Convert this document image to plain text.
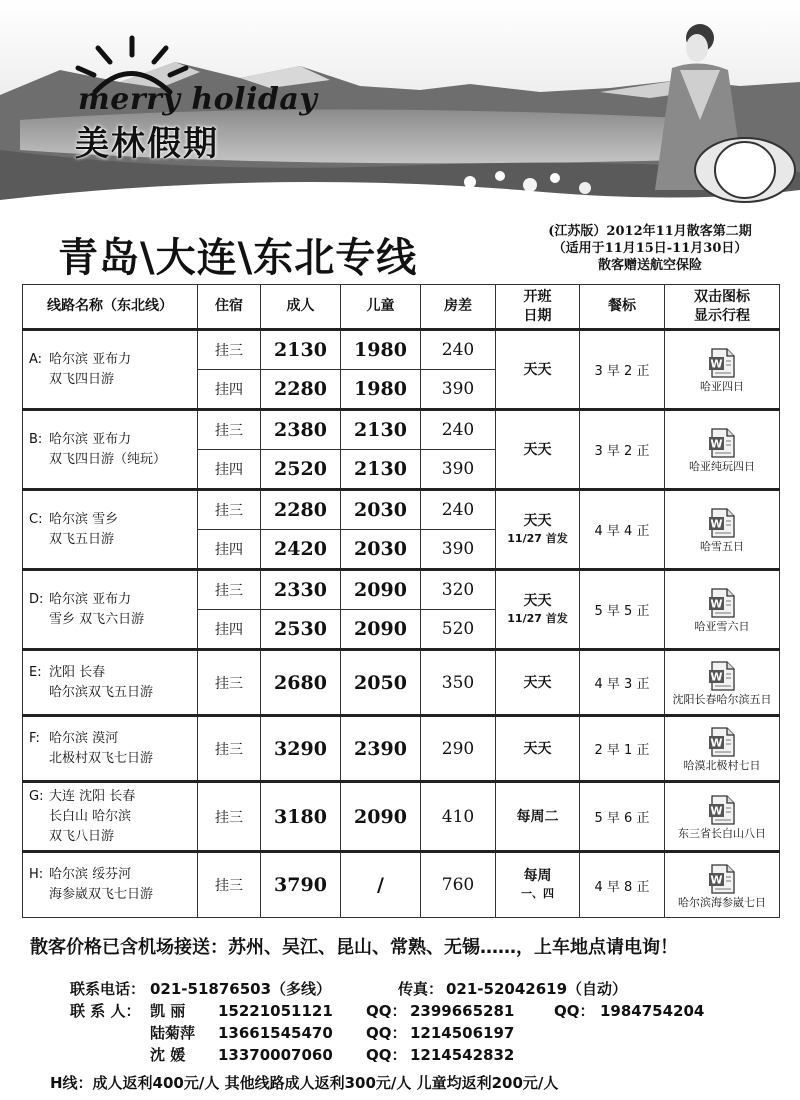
merry holiday
美林假期
青岛\大连\东北专线
(江苏版）2012年11月散客第二期
（适用于11月15日-11月30日）
散客赠送航空保险
线路名称（东北线）	住宿	成人	儿童	房差	开班
日期	餐标	双击图标
显示行程

A: 哈尔滨 亚布力
双飞四日游	挂三	2130	1980	240	天天	3 早 2 正	W
哈亚四日
	挂四	2280	1980	390			

B: 哈尔滨 亚布力
双飞四日游（纯玩）	挂三	2380	2130	240	天天	3 早 2 正	W
哈亚纯玩四日
	挂四	2520	2130	390			

C: 哈尔滨 雪乡
双飞五日游	挂三	2280	2030	240	天天
11/27 首发	4 早 4 正	W
哈雪五日
	挂四	2420	2030	390			

D: 哈尔滨 亚布力
雪乡 双飞六日游	挂三	2330	2090	320	天天
11/27 首发	5 早 5 正	W
哈亚雪六日
	挂四	2530	2090	520			

E: 沈阳 长春
哈尔滨双飞五日游	挂三	2680	2050	350	天天	4 早 3 正	W
沈阳长春哈尔滨五日

F: 哈尔滨 漠河
北极村双飞七日游	挂三	3290	2390	290	天天	2 早 1 正	W
哈漠北极村七日

G: 大连 沈阳 长春
长白山 哈尔滨
双飞八日游	挂三	3180	2090	410	每周二	5 早 6 正	W
东三省长白山八日

H: 哈尔滨 绥芬河
海参崴双飞七日游	挂三	3790	/	760	每周
一、四	4 早 8 正	W
哈尔滨海参崴七日
散客价格已含机场接送：苏州、吴江、昆山、常熟、无锡……，上车地点请电询！
联系电话： 021-51876503（多线）	传真： 021-52042619（自动）
联 系 人： 凯 丽 15221051121 QQ： 2399665281	QQ： 1984754204
陆菊萍 13661545470 QQ： 1214506197
沈 媛 13370007060 QQ： 1214542832
H线：成人返利400元/人 其他线路成人返利300元/人 儿童均返利200元/人
